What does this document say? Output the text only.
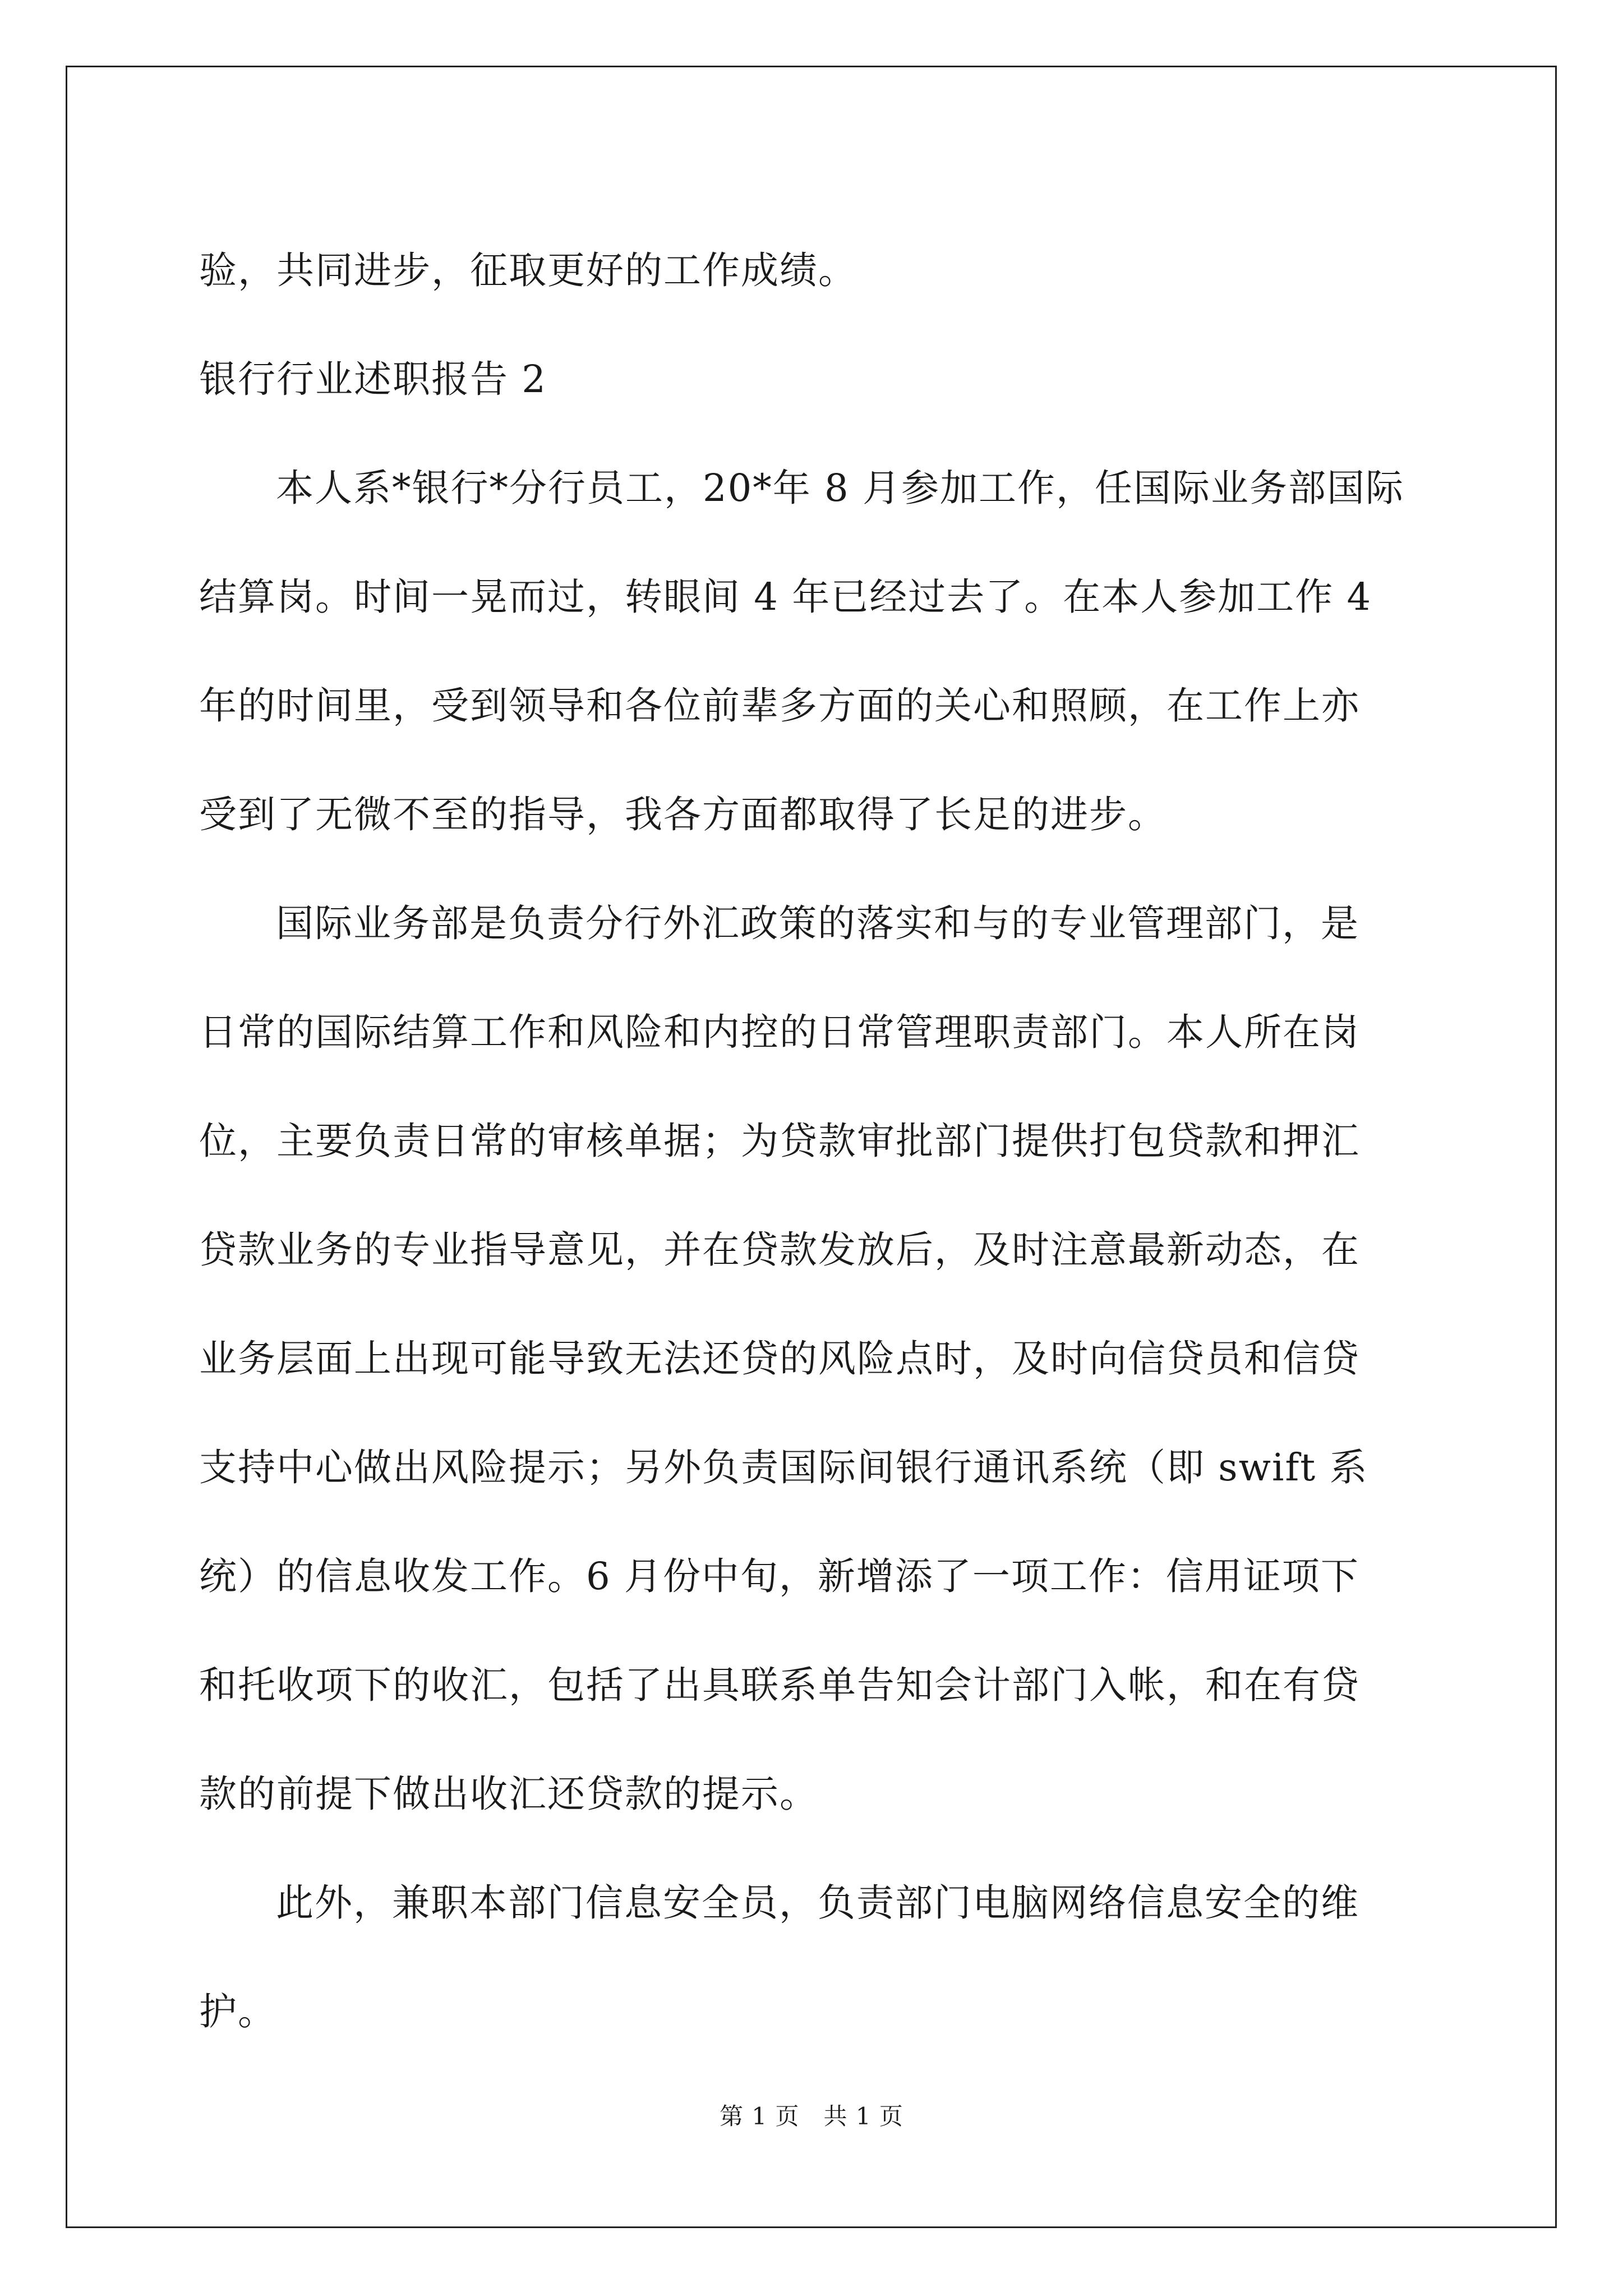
验，共同进步，征取更好的工作成绩。
银行行业述职报告 2
本人系*银行*分行员工，20*年 8 月参加工作，任国际业务部国际
结算岗。时间一晃而过，转眼间 4 年已经过去了。在本人参加工作 4
年的时间里，受到领导和各位前辈多方面的关心和照顾，在工作上亦
受到了无微不至的指导，我各方面都取得了长足的进步。
国际业务部是负责分行外汇政策的落实和与的专业管理部门，是
日常的国际结算工作和风险和内控的日常管理职责部门。本人所在岗
位，主要负责日常的审核单据；为贷款审批部门提供打包贷款和押汇
贷款业务的专业指导意见，并在贷款发放后，及时注意最新动态，在
业务层面上出现可能导致无法还贷的风险点时，及时向信贷员和信贷
支持中心做出风险提示；另外负责国际间银行通讯系统（即 swift 系
统）的信息收发工作。6 月份中旬，新增添了一项工作：信用证项下
和托收项下的收汇，包括了出具联系单告知会计部门入帐，和在有贷
款的前提下做出收汇还贷款的提示。
此外，兼职本部门信息安全员，负责部门电脑网络信息安全的维
护。
第 1 页　共 1 页
